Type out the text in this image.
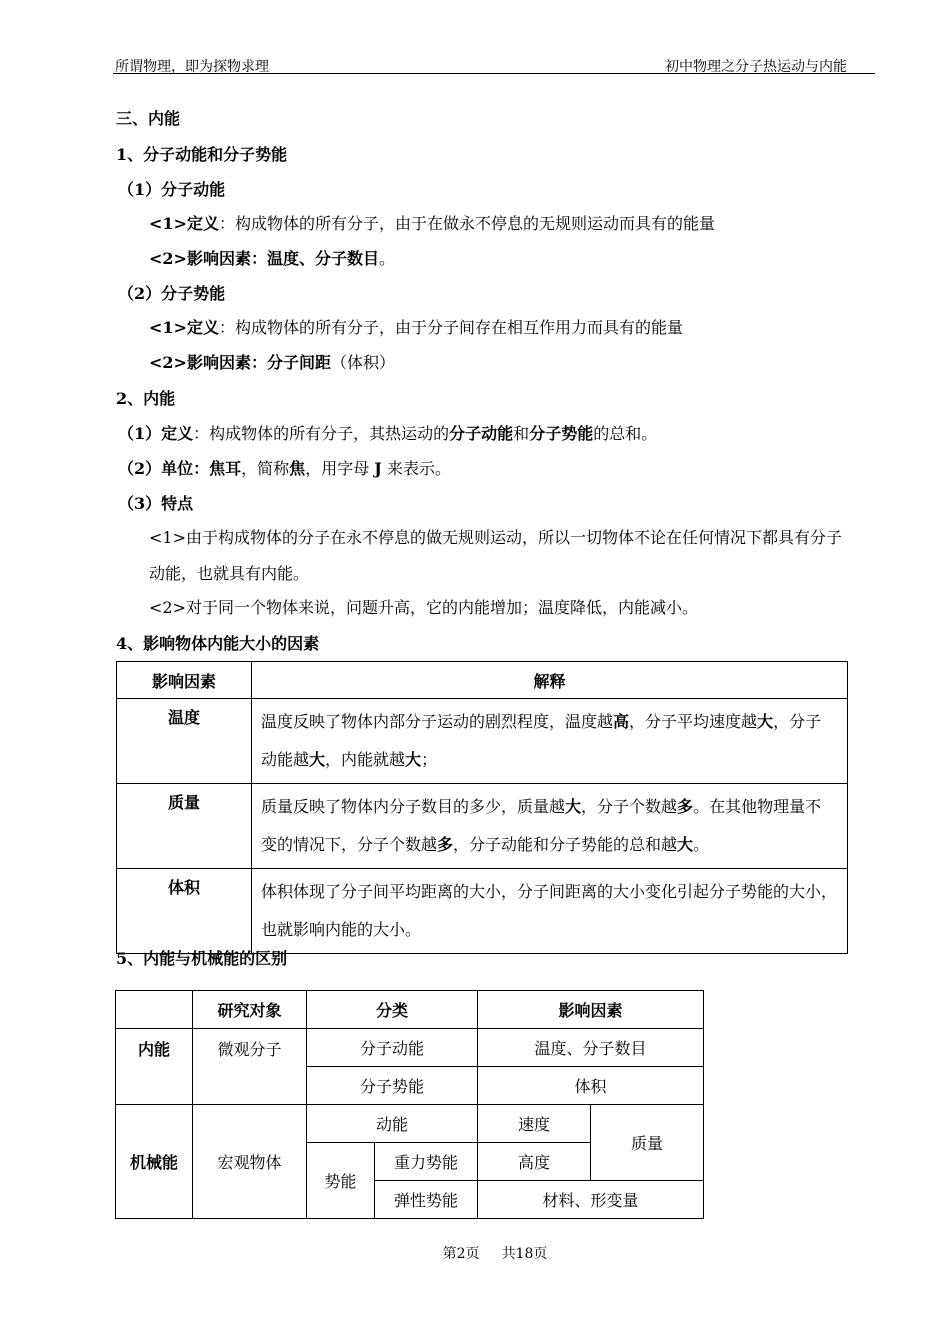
所谓物理，即为探物求理	初中物理之分子热运动与内能
三、内能
1、分子动能和分子势能
（1）分子动能
<1>定义：构成物体的所有分子，由于在做永不停息的无规则运动而具有的能量
<2>影响因素：温度、分子数目。
（2）分子势能
<1>定义：构成物体的所有分子，由于分子间存在相互作用力而具有的能量
<2>影响因素：分子间距（体积）
2、内能
（1）定义：构成物体的所有分子，其热运动的分子动能和分子势能的总和。
（2）单位：焦耳，简称焦，用字母 J 来表示。
（3）特点
<1>由于构成物体的分子在永不停息的做无规则运动，所以一切物体不论在任何情况下都具有分子
动能，也就具有内能。
<2>对于同一个物体来说，问题升高，它的内能增加；温度降低，内能减小。
4、影响物体内能大小的因素
影响因素	解释
温度	温度反映了物体内部分子运动的剧烈程度，温度越高，分子平均速度越大，分子动能越大，内能就越大；
质量	质量反映了物体内分子数目的多少，质量越大，分子个数越多。在其他物理量不变的情况下，分子个数越多，分子动能和分子势能的总和越大。
体积	体积体现了分子间平均距离的大小，分子间距离的大小变化引起分子势能的大小，也就影响内能的大小。
5、内能与机械能的区别
	研究对象	分类		影响因素	
内能	微观分子	分子动能		温度、分子数目	
		分子势能		体积	
机械能	宏观物体	动能		速度	质量
		势能	重力势能	高度	
			弹性势能	材料、形变量	
第2页 共18页
